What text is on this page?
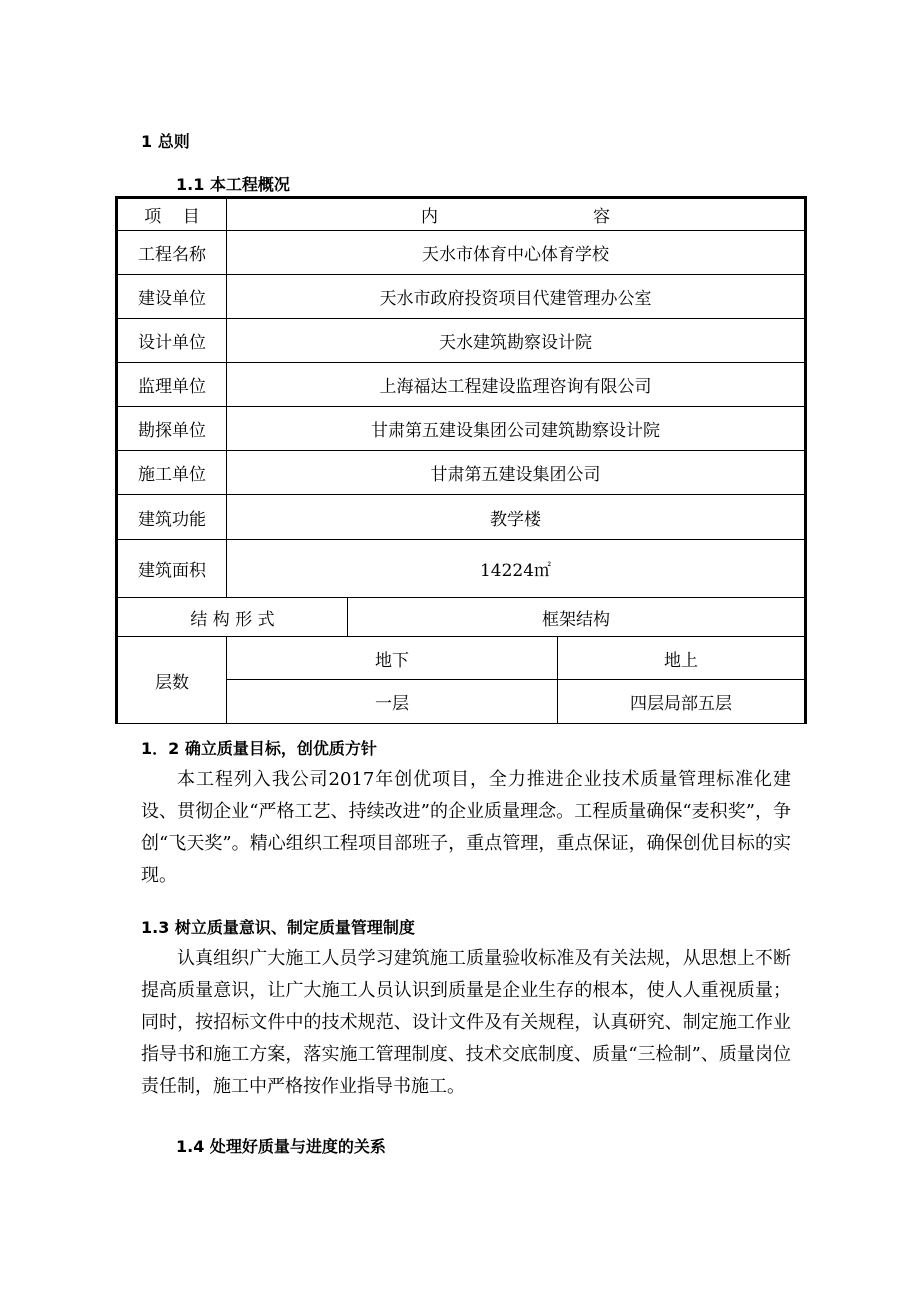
1 总则
1.1 本工程概况
项    目	内 容		
工程名称	天水市体育中心体育学校		
建设单位	天水市政府投资项目代建管理办公室		
设计单位	天水建筑勘察设计院		
监理单位	上海福达工程建设监理咨询有限公司		
勘探单位	甘肃第五建设集团公司建筑勘察设计院		
施工单位	甘肃第五建设集团公司		
建筑功能	教学楼		
建筑面积	14224㎡		
结 构 形 式		框架结构	
层数	地下		地上
	一层		四层局部五层
1．2 确立质量目标，创优质方针
本工程列入我公司2017年创优项目，全力推进企业技术质量管理标准化建设、贯彻企业“严格工艺、持续改进”的企业质量理念。工程质量确保“麦积奖”，争创“飞天奖”。精心组织工程项目部班子，重点管理，重点保证，确保创优目标的实现。
1.3 树立质量意识、制定质量管理制度
认真组织广大施工人员学习建筑施工质量验收标准及有关法规，从思想上不断提高质量意识，让广大施工人员认识到质量是企业生存的根本，使人人重视质量；同时，按招标文件中的技术规范、设计文件及有关规程，认真研究、制定施工作业指导书和施工方案，落实施工管理制度、技术交底制度、质量“三检制”、质量岗位责任制，施工中严格按作业指导书施工。
1.4 处理好质量与进度的关系
